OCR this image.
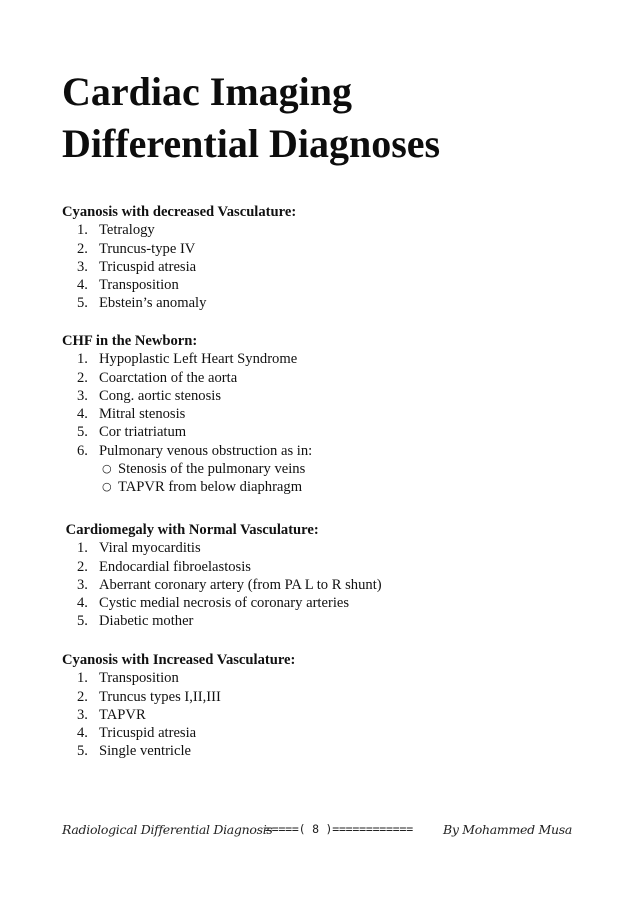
Cardiac Imaging
Differential Diagnoses
Cyanosis with decreased Vasculature:
1. Tetralogy
2. Truncus-type IV
3. Tricuspid atresia
4. Transposition
5. Ebstein’s anomaly
CHF in the Newborn:
1. Hypoplastic Left Heart Syndrome
2. Coarctation of the aorta
3. Cong. aortic stenosis
4. Mitral stenosis
5. Cor triatriatum
6. Pulmonary venous obstruction as in:
○ Stenosis of the pulmonary veins
○ TAPVR from below diaphragm
Cardiomegaly with Normal Vasculature:
1. Viral myocarditis
2. Endocardial fibroelastosis
3. Aberrant coronary artery (from PA L to R shunt)
4. Cystic medial necrosis of coronary arteries
5. Diabetic mother
Cyanosis with Increased Vasculature:
1. Transposition
2. Truncus types I,II,III
3. TAPVR
4. Tricuspid atresia
5. Single ventricle
Radiological Differential Diagnosis
=====( 8 )============ By Mohammed Musa
